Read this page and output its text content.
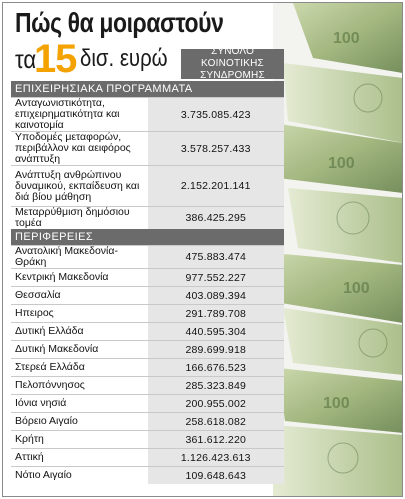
100
100
100
100
Πώς θα μοιραστούν
τα
15 δισ. ευρώ	ΣΥΝΟΛΟ ΚΟΙΝΟΤΙΚΗΣ ΣΥΝΔΡΟΜΗΣ
ΕΠΙΧΕΙΡΗΣΙΑΚΑ ΠΡΟΓΡΑΜΜΑΤΑ	
Ανταγωνιστικότητα, επιχειρηματικότητα και καινοτομία	3.735.085.423
Υποδομές μεταφορών, περιβάλλον και αειφόρος ανάπτυξη	3.578.257.433
Ανάπτυξη ανθρώπινου δυναμικού, εκπαίδευση και διά βίου μάθηση	2.152.201.141
Μεταρρύθμιση δημόσιου τομέα	386.425.295
ΠΕΡΙΦΕΡΕΙΕΣ	
Ανατολική Μακεδονία-Θράκη	475.883.474
Κεντρική Μακεδονία	977.552.227
Θεσσαλία	403.089.394
Ηπειρος	291.789.708
Δυτική Ελλάδα	440.595.304
Δυτική Μακεδονία	289.699.918
Στερεά Ελλάδα	166.676.523
Πελοπόννησος	285.323.849
Ιόνια νησιά	200.955.002
Βόρειο Αιγαίο	258.618.082
Κρήτη	361.612.220
Αττική	1.126.423.613
Νότιο Αιγαίο	109.648.643
